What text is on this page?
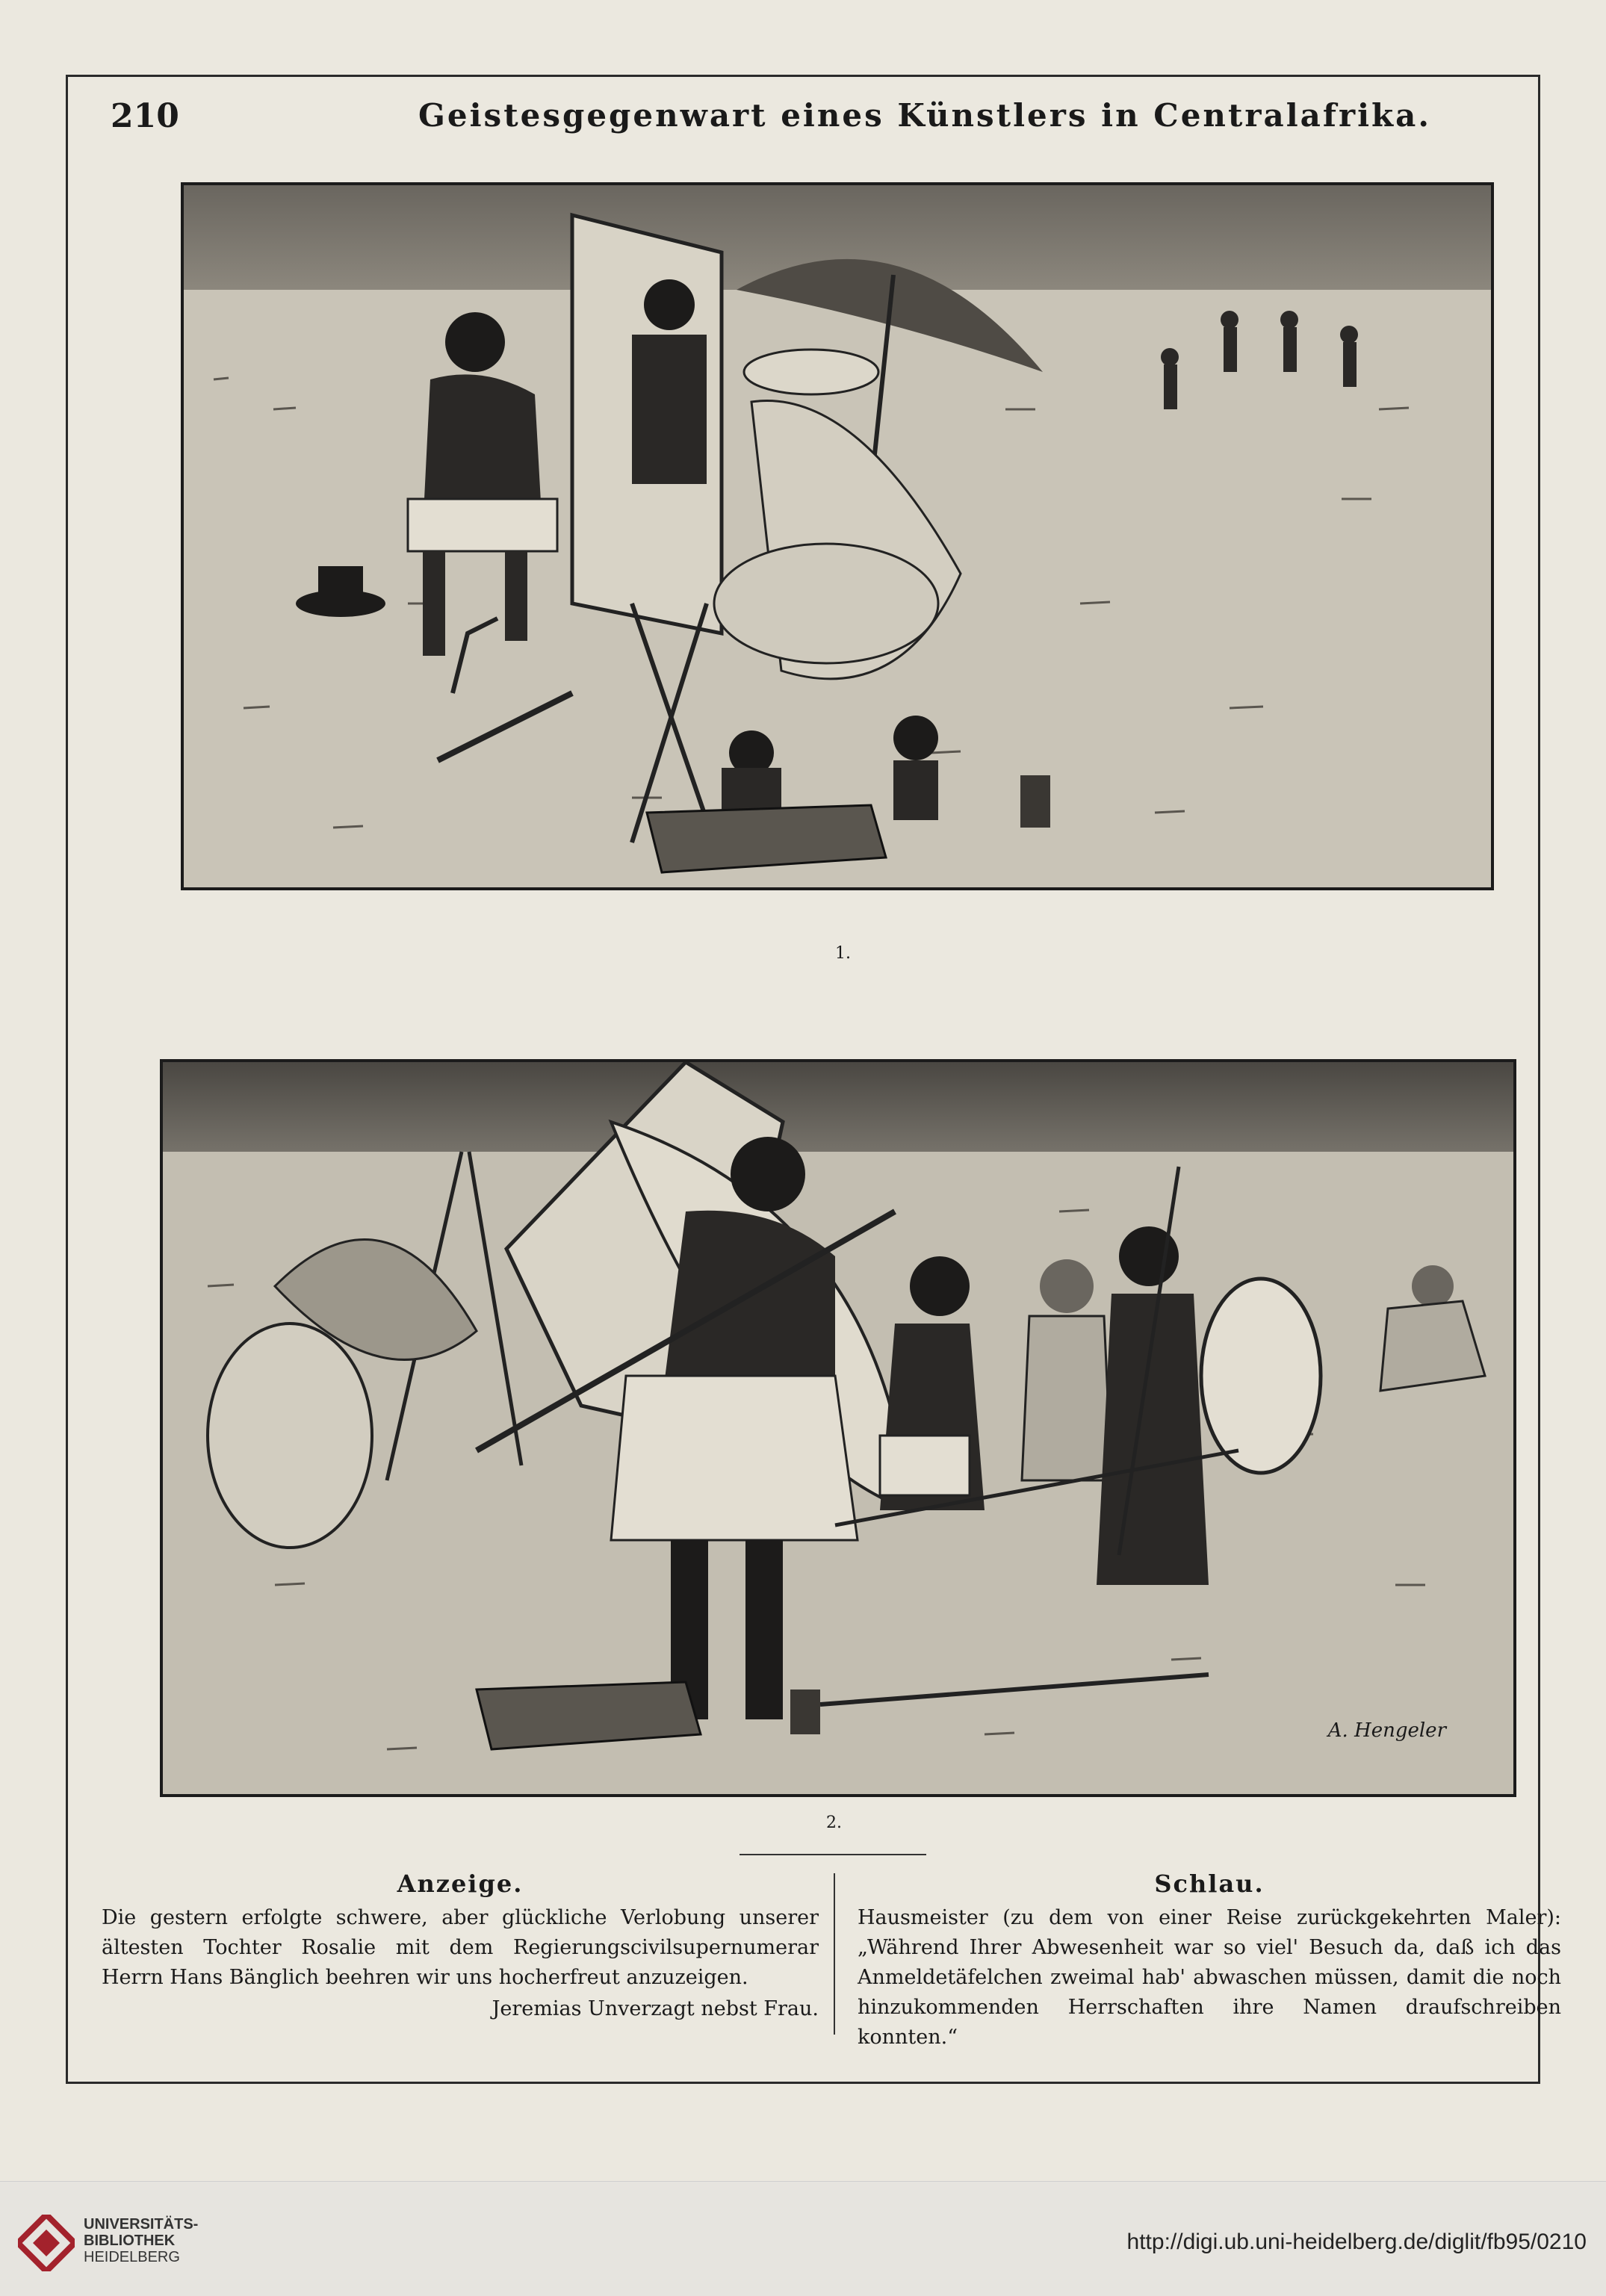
210	Geistesgegenwart eines Künstlers in Centralafrika.
1.
A. Hengeler
2.
Anzeige.

Die gestern erfolgte schwere, aber glückliche Verlobung unserer ältesten Tochter Rosalie mit dem Regierungscivilsupernumerar Herrn Hans Bänglich beehren wir uns hocherfreut anzuzeigen.

Jeremias Unverzagt nebst Frau.
Schlau.

Hausmeister (zu dem von einer Reise zurückgekehrten Maler): „Während Ihrer Abwesenheit war so viel' Besuch da, daß ich das Anmeldetäfelchen zweimal hab' abwaschen müssen, damit die noch hinzukommenden Herrschaften ihre Namen draufschreiben konnten.“

UNIVERSITÄTS-
BIBLIOTHEK
HEIDELBERG
http://digi.ub.uni-heidelberg.de/diglit/fb95/0210
